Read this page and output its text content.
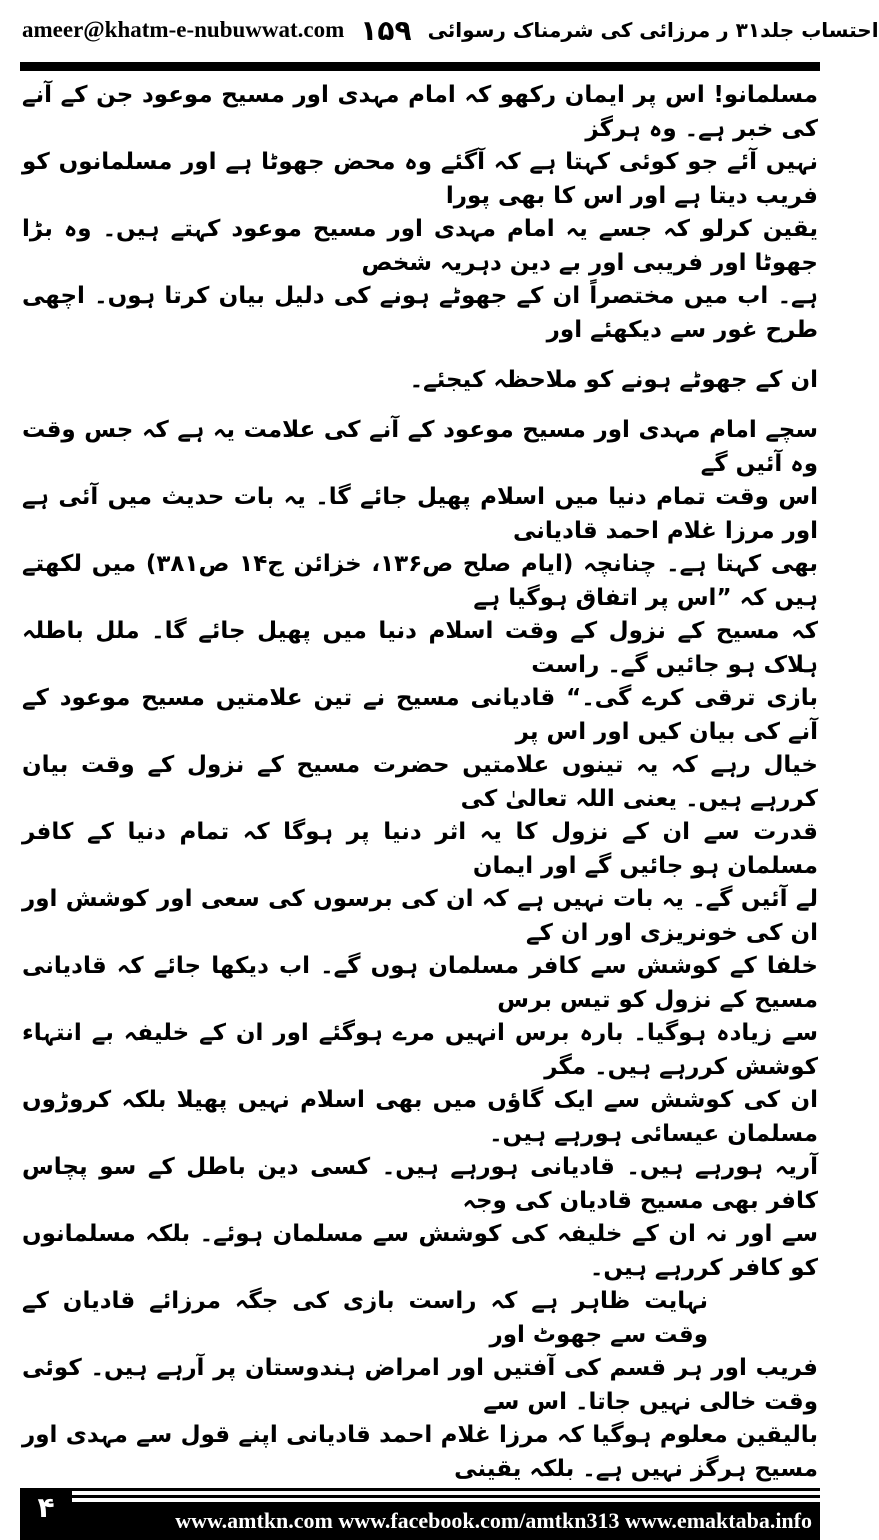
ameer@khatm-e-nubuwwat.com ۱۵۹ احتساب جلد۳۱ ر مرزائی کی شرمناک رسوائی
مسلمانو! اس پر ایمان رکھو کہ امام مہدی اور مسیح موعود جن کے آنے کی خبر ہے۔ وہ ہرگز
نہیں آئے جو کوئی کہتا ہے کہ آگئے وہ محض جھوٹا ہے اور مسلمانوں کو فریب دیتا ہے اور اس کا بھی پورا
یقین کرلو کہ جسے یہ امام مہدی اور مسیح موعود کہتے ہیں۔ وہ بڑا جھوٹا اور فریبی اور بے دین دہریہ شخص
ہے۔ اب میں مختصراً ان کے جھوٹے ہونے کی دلیل بیان کرتا ہوں۔ اچھی طرح غور سے دیکھئے اور
ان کے جھوٹے ہونے کو ملاحظہ کیجئے۔
سچے امام مہدی اور مسیح موعود کے آنے کی علامت یہ ہے کہ جس وقت وہ آئیں گے
اس وقت تمام دنیا میں اسلام پھیل جائے گا۔ یہ بات حدیث میں آئی ہے اور مرزا غلام احمد قادیانی
بھی کہتا ہے۔ چنانچہ (ایام صلح ص۱۳۶، خزائن ج۱۴ ص۳۸۱) میں لکھتے ہیں کہ ”اس پر اتفاق ہوگیا ہے
کہ مسیح کے نزول کے وقت اسلام دنیا میں پھیل جائے گا۔ ملل باطلہ ہلاک ہو جائیں گے۔ راست
بازی ترقی کرے گی۔“ قادیانی مسیح نے تین علامتیں مسیح موعود کے آنے کی بیان کیں اور اس پر
خیال رہے کہ یہ تینوں علامتیں حضرت مسیح کے نزول کے وقت بیان کررہے ہیں۔ یعنی اللہ تعالیٰ کی
قدرت سے ان کے نزول کا یہ اثر دنیا پر ہوگا کہ تمام دنیا کے کافر مسلمان ہو جائیں گے اور ایمان
لے آئیں گے۔ یہ بات نہیں ہے کہ ان کی برسوں کی سعی اور کوشش اور ان کی خونریزی اور ان کے
خلفا کے کوشش سے کافر مسلمان ہوں گے۔ اب دیکھا جائے کہ قادیانی مسیح کے نزول کو تیس برس
سے زیادہ ہوگیا۔ بارہ برس انہیں مرے ہوگئے اور ان کے خلیفہ بے انتہاء کوشش کررہے ہیں۔ مگر
ان کی کوشش سے ایک گاؤں میں بھی اسلام نہیں پھیلا بلکہ کروڑوں مسلمان عیسائی ہورہے ہیں۔
آریہ ہورہے ہیں۔ قادیانی ہورہے ہیں۔ کسی دین باطل کے سو پچاس کافر بھی مسیح قادیان کی وجہ
سے اور نہ ان کے خلیفہ کی کوشش سے مسلمان ہوئے۔ بلکہ مسلمانوں کو کافر کررہے ہیں۔
نہایت ظاہر ہے کہ راست بازی کی جگہ مرزائے قادیان کے وقت سے جھوٹ اور
فریب اور ہر قسم کی آفتیں اور امراض ہندوستان پر آرہے ہیں۔ کوئی وقت خالی نہیں جاتا۔ اس سے
بالیقین معلوم ہوگیا کہ مرزا غلام احمد قادیانی اپنے قول سے مہدی اور مسیح ہرگز نہیں ہے۔ بلکہ یقینی
۴	www.amtkn.com www.facebook.com/amtkn313 www.emaktaba.info
